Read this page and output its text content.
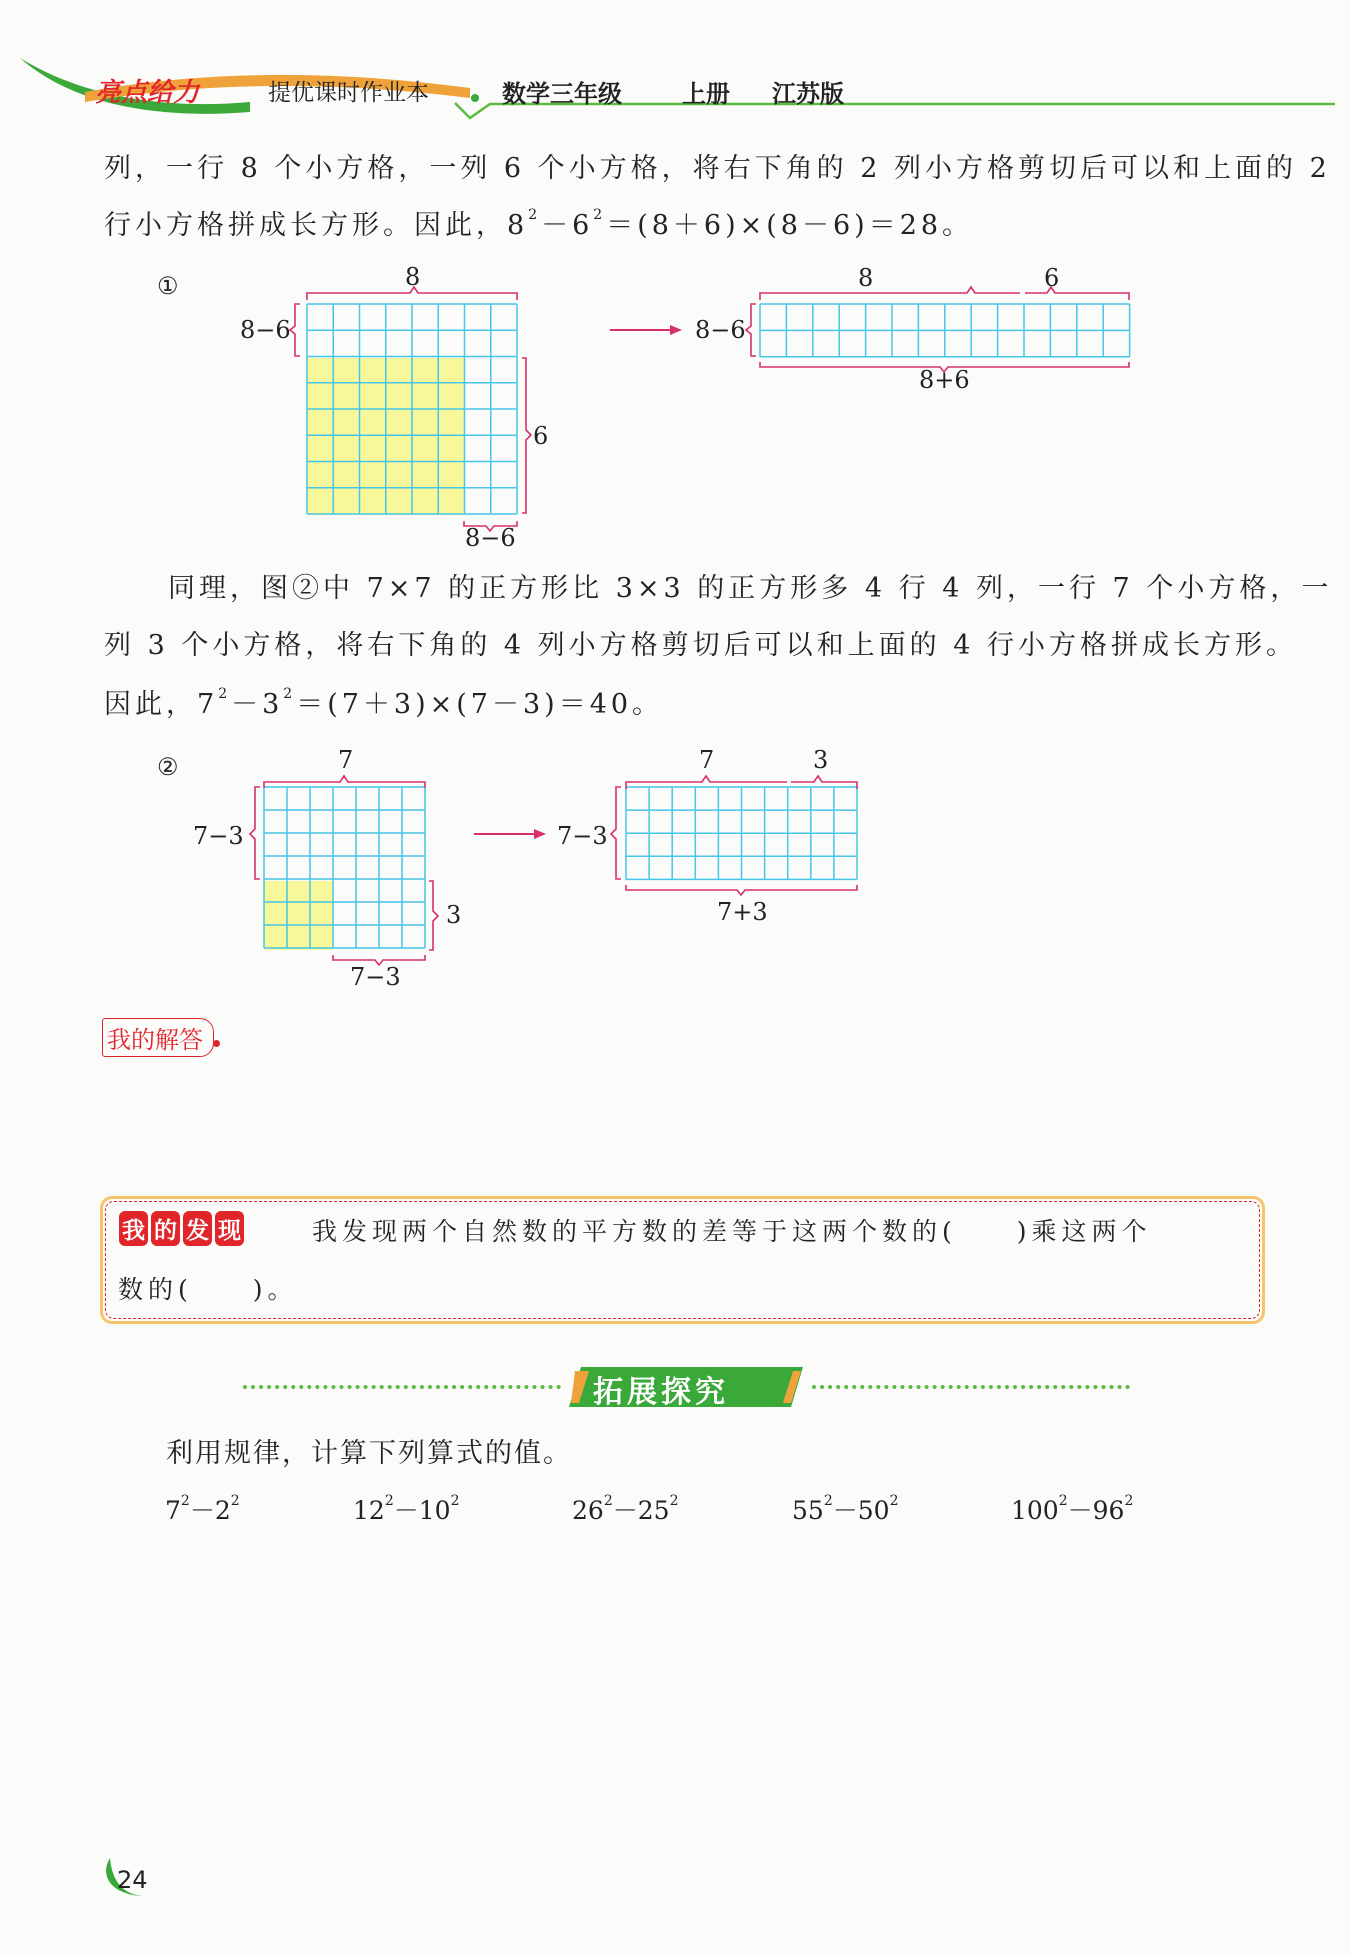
亮点给力	提优课时作业本	数学三年级	上册 江苏版
列，一行 8 个小方格，一列 6 个小方格，将右下角的 2 列小方格剪切后可以和上面的 2
行小方格拼成长方形。因此，$8^2-6^2=(8+6)\times(8-6)=28$。
①	8
8−6
6
8−6
8−6
8	6
8+6
同理，图②中 7×7 的正方形比 3×3 的正方形多 4 行 4 列，一行 7 个小方格，一
列 3 个小方格，将右下角的 4 列小方格剪切后可以和上面的 4 行小方格拼成长方形。
因此，$7^2-3^2=(7+3)\times(7-3)=40$。
②	7
7−3
3
7−3
7−3
7	3
7+3
我的解答
我 的 发 现	我发现两个自然数的平方数的差等于这两个数的(　　)乘这两个
数的(　　)。
拓展探究
利用规律，计算下列算式的值。
$7^2-2^2$	$12^2-10^2$	$26^2-25^2$	$55^2-50^2$	$100^2-96^2$
24
